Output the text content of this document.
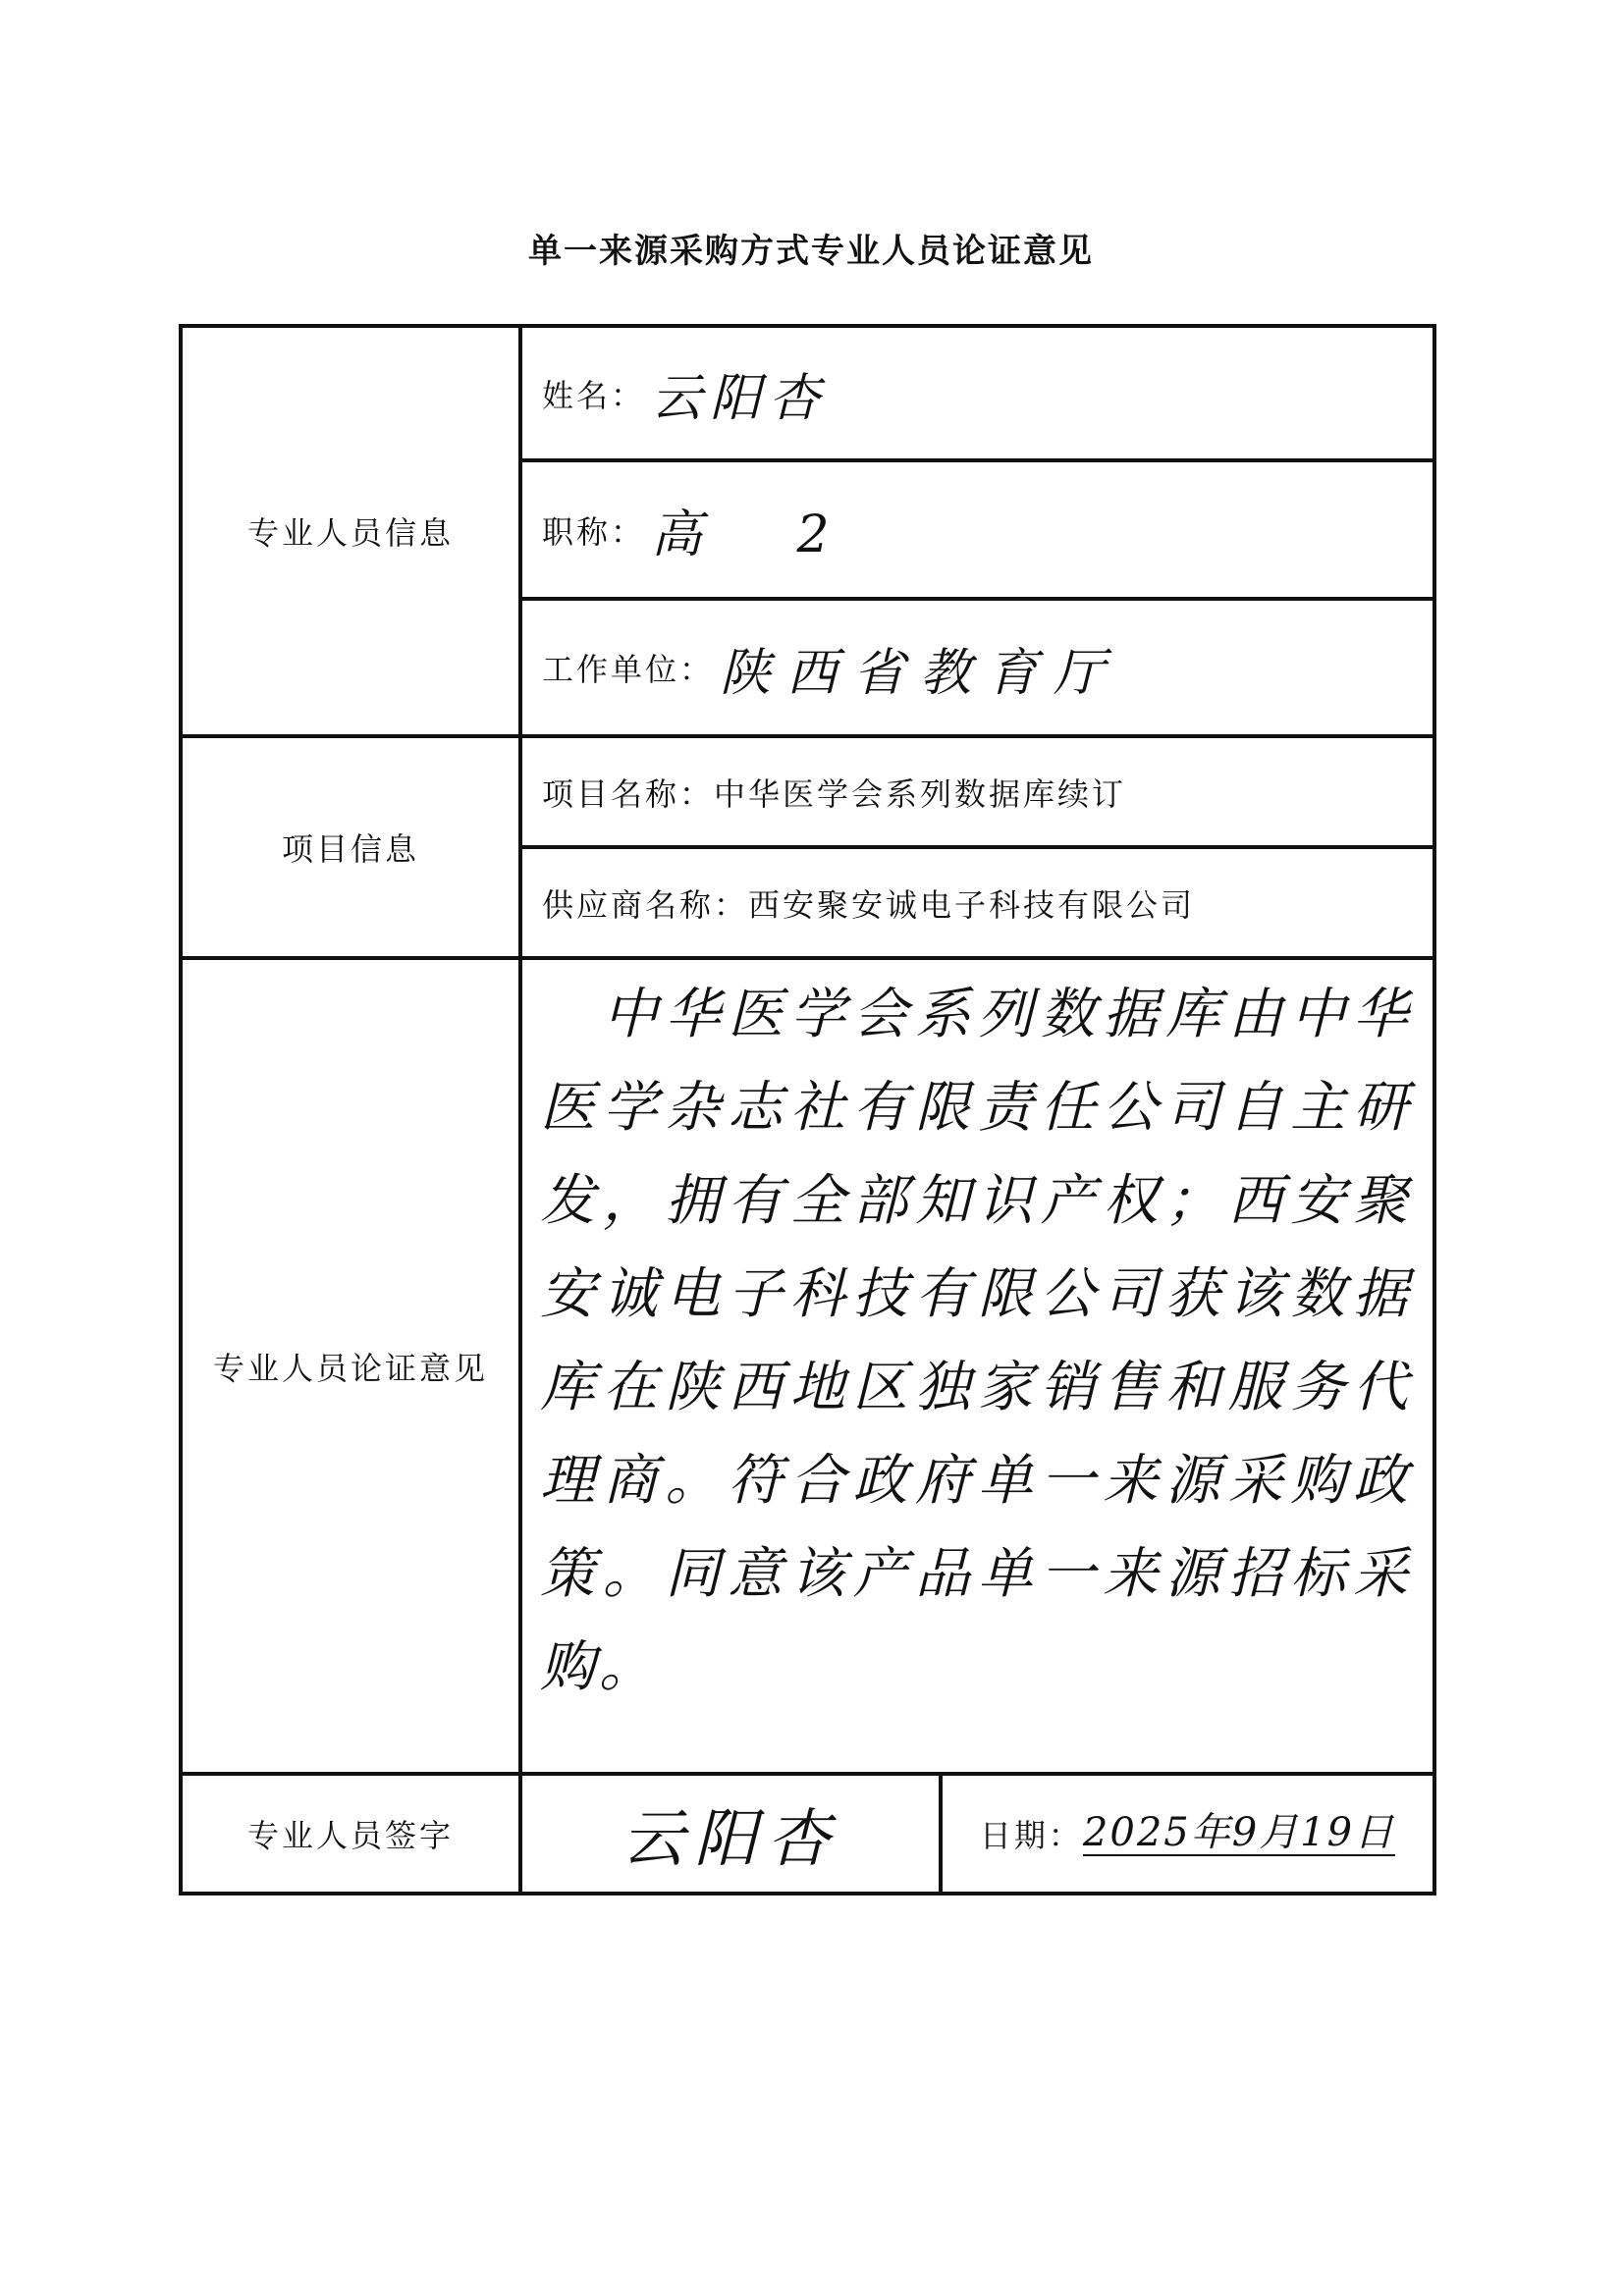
单一来源采购方式专业人员论证意见
专业人员信息
项目信息
专业人员论证意见
专业人员签字
姓名： 云阳杏
职称： 高 2
工作单位： 陕西省教育厅
项目名称：中华医学会系列数据库续订
供应商名称：西安聚安诚电子科技有限公司
云阳杏	日期： 2025年9月19日
中华医学会系列数据库由中华医学杂志社有限责任公司自主研发，拥有全部知识产权；西安聚安诚电子科技有限公司获该数据库在陕西地区独家销售和服务代理商。符合政府单一来源采购政策。同意该产品单一来源招标采购。
